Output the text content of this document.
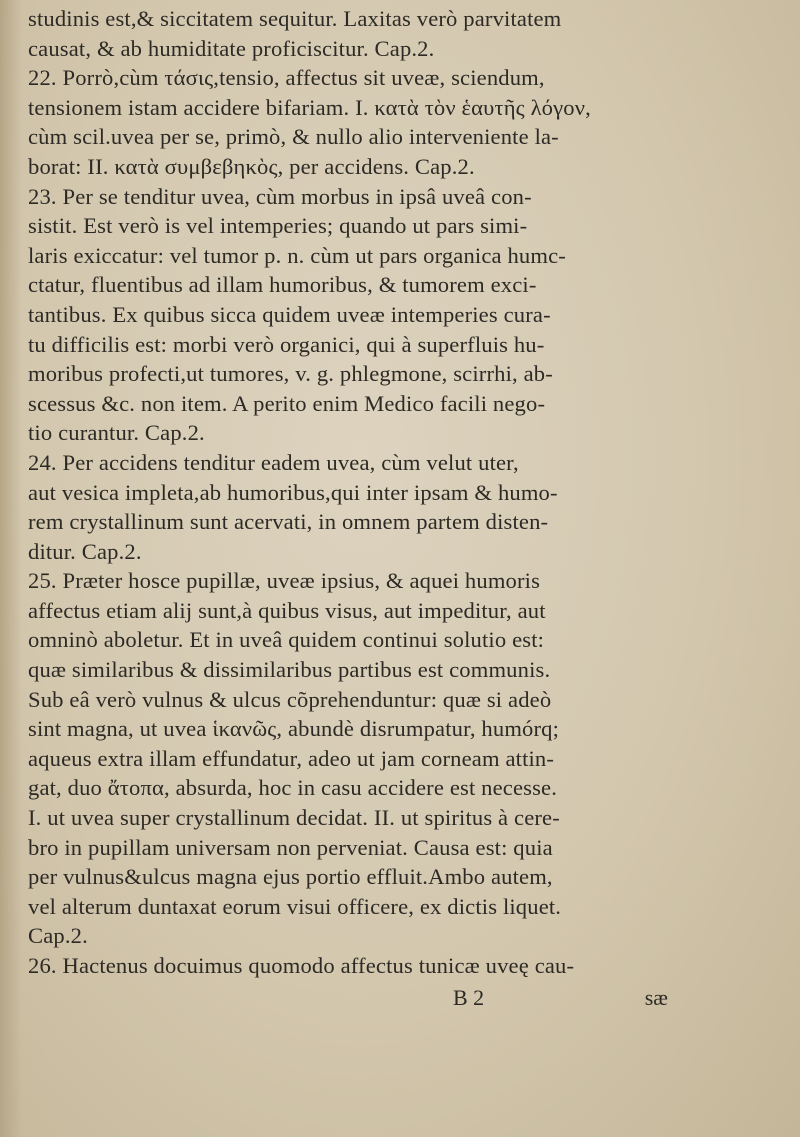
studinis est,& siccitatem sequitur. Laxitas verò parvitatem
causat, & ab humiditate proficiscitur. Cap.2.
22. Porrò,cùm τάσις,tensio, affectus sit uveæ, sciendum,
tensionem istam accidere bifariam. I. κατὰ τὸν ἑαυτῆς λόγον,
cùm scil.uvea per se, primò, & nullo alio interveniente la-
borat: II. κατὰ συμβεβηκὸς, per accidens. Cap.2.
23. Per se tenditur uvea, cùm morbus in ipsâ uveâ con-
sistit. Est verò is vel intemperies; quando ut pars simi-
laris exiccatur: vel tumor p. n. cùm ut pars organica humc-
ctatur, fluentibus ad illam humoribus, & tumorem exci-
tantibus. Ex quibus sicca quidem uveæ intemperies cura-
tu difficilis est: morbi verò organici, qui à superfluis hu-
moribus profecti,ut tumores, v. g. phlegmone, scirrhi, ab-
scessus &c. non item. A perito enim Medico facili nego-
tio curantur. Cap.2.
24. Per accidens tenditur eadem uvea, cùm velut uter,
aut vesica impleta,ab humoribus,qui inter ipsam & humo-
rem crystallinum sunt acervati, in omnem partem disten-
ditur. Cap.2.
25. Præter hosce pupillæ, uveæ ipsius, & aquei humoris
affectus etiam alij sunt,à quibus visus, aut impeditur, aut
omninò aboletur. Et in uveâ quidem continui solutio est:
quæ similaribus & dissimilaribus partibus est communis.
Sub eâ verò vulnus & ulcus cõprehenduntur: quæ si adeò
sint magna, ut uvea ἱκανῶς, abundè disrumpatur, humórq;
aqueus extra illam effundatur, adeo ut jam corneam attin-
gat, duo ἄτοπα, absurda, hoc in casu accidere est necesse.
I. ut uvea super crystallinum decidat. II. ut spiritus à cere-
bro in pupillam universam non perveniat. Causa est: quia
per vulnus&ulcus magna ejus portio effluit.Ambo autem,
vel alterum duntaxat eorum visui officere, ex dictis liquet.
Cap.2.
26. Hactenus docuimus quomodo affectus tunicæ uveę cau-
B 2	sæ
